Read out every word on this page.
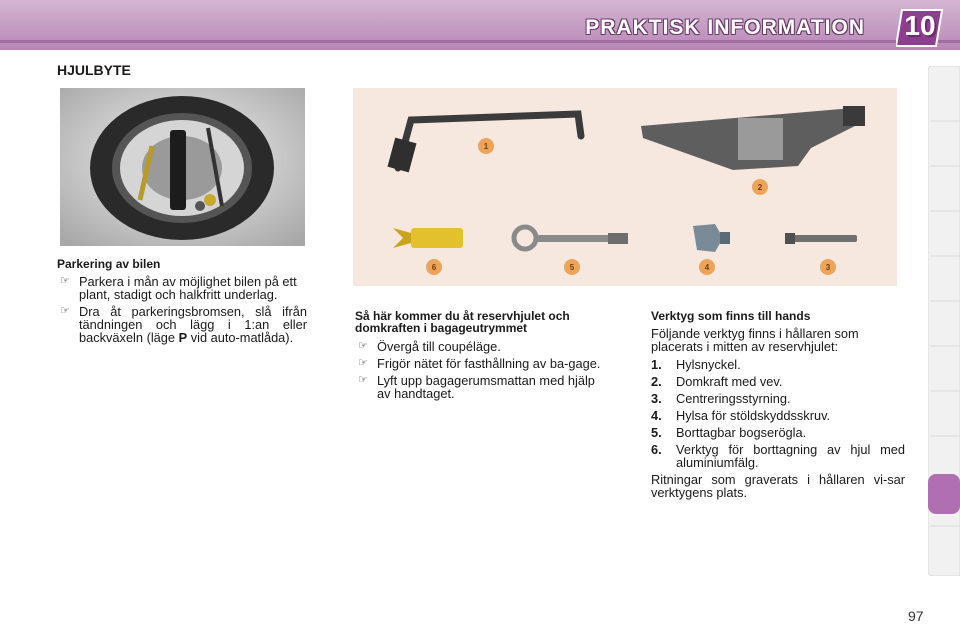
PRAKTISK INFORMATION	10
HJULBYTE
1
2
3
4
5
6
Parkering av bilen
☞ Parkera i mån av möjlighet bilen på ett plant, stadigt och halkfritt underlag.
☞ Dra åt parkeringsbromsen, slå ifrån tändningen och lägg i 1:an eller backväxeln (läge P vid auto-matlåda).
Så här kommer du åt reservhjulet och domkraften i bagageutrymmet
☞ Övergå till coupéläge.
☞ Frigör nätet för fasthållning av ba-gage.
☞ Lyft upp bagagerumsmattan med hjälp av handtaget.
Verktyg som finns till hands
Följande verktyg finns i hållaren som placerats i mitten av reservhjulet:
1. Hylsnyckel.
2. Domkraft med vev.
3. Centreringsstyrning.
4. Hylsa för stöldskyddsskruv.
5. Borttagbar bogserögla.
6. Verktyg för borttagning av hjul med aluminiumfälg.
Ritningar som graverats i hållaren vi-sar verktygens plats.
97
